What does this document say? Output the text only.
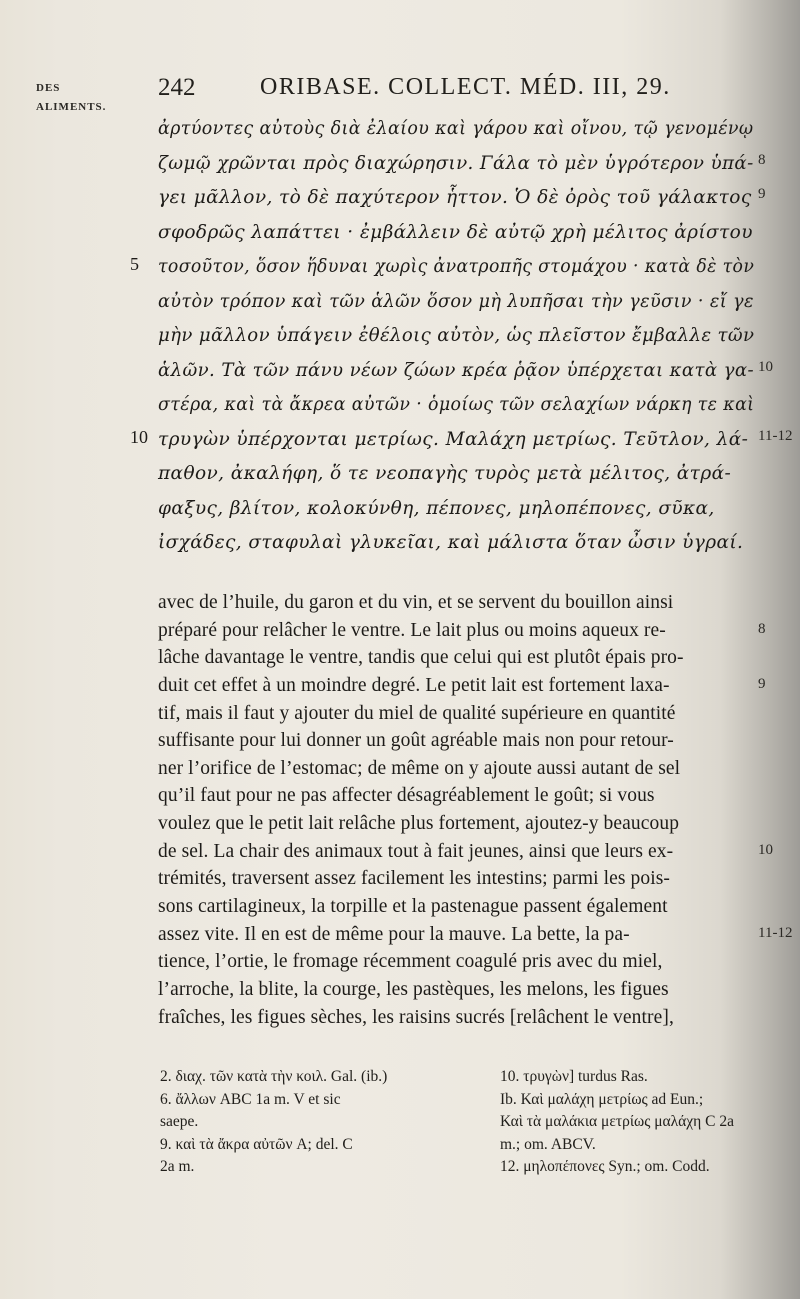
DES
ALIMENTS.
242	ORIBASE. COLLECT. MÉD. III, 29.
ἀρτύοντες αὐτοὺς διὰ ἐλαίου καὶ γάρου καὶ οἴνου, τῷ γενομένῳ
ζωμῷ χρῶνται πρὸς διαχώρησιν. Γάλα τὸ μὲν ὑγρότερον ὑπά- 8
γει μᾶλλον, τὸ δὲ παχύτερον ἧττον. Ὁ δὲ ὀρὸς τοῦ γάλακτος 9
σφοδρῶς λαπάττει · ἐμβάλλειν δὲ αὐτῷ χρὴ μέλιτος ἀρίστου
τοσοῦτον, ὅσον ἥδυναι χωρὶς ἀνατροπῆς στομάχου · κατὰ δὲ τὸν
5
αὐτὸν τρόπον καὶ τῶν ἁλῶν ὅσον μὴ λυπῆσαι τὴν γεῦσιν · εἴ γε
μὴν μᾶλλον ὑπάγειν ἐθέλοις αὐτὸν, ὡς πλεῖστον ἔμβαλλε τῶν
ἁλῶν. Τὰ τῶν πάνυ νέων ζώων κρέα ῥᾷον ὑπέρχεται κατὰ γα- 10
στέρα, καὶ τὰ ἄκρεα αὐτῶν · ὁμοίως τῶν σελαχίων νάρκη τε καὶ
τρυγὼν ὑπέρχονται μετρίως. Μαλάχη μετρίως. Τεῦτλον, λά-
10	11-12
παθον, ἀκαλήφη, ὅ τε νεοπαγὴς τυρὸς μετὰ μέλιτος, ἀτρά-
φαξυς, βλίτον, κολοκύνθη, πέπονες, μηλοπέπονες, σῦκα,
ἰσχάδες, σταφυλαὶ γλυκεῖαι, καὶ μάλιστα ὅταν ὦσιν ὑγραί.
avec de l’huile, du garon et du vin, et se servent du bouillon ainsi
préparé pour relâcher le ventre. Le lait plus ou moins aqueux re-	8
lâche davantage le ventre, tandis que celui qui est plutôt épais pro-
duit cet effet à un moindre degré. Le petit lait est fortement laxa-	9
tif, mais il faut y ajouter du miel de qualité supérieure en quantité
suffisante pour lui donner un goût agréable mais non pour retour-
ner l’orifice de l’estomac; de même on y ajoute aussi autant de sel
qu’il faut pour ne pas affecter désagréablement le goût; si vous
voulez que le petit lait relâche plus fortement, ajoutez-y beaucoup
de sel. La chair des animaux tout à fait jeunes, ainsi que leurs ex-	10
trémités, traversent assez facilement les intestins; parmi les pois-
sons cartilagineux, la torpille et la pastenague passent également
assez vite. Il en est de même pour la mauve. La bette, la pa-	11-12
tience, l’ortie, le fromage récemment coagulé pris avec du miel,
l’arroche, la blite, la courge, les pastèques, les melons, les figues
fraîches, les figues sèches, les raisins sucrés [relâchent le ventre],
2. διαχ. τῶν κατὰ τὴν κοιλ. Gal. (ib.)
6. ἄλλων ABC 1a m. V et sic
saepe.
9. καὶ τὰ ἄκρα αὐτῶν A; del. C
2a m.
10. τρυγὼν] turdus Ras.
Ib. Καὶ μαλάχη μετρίως ad Eun.;
Καὶ τὰ μαλάκια μετρίως μαλάχη C 2a
m.; om. ABCV.
12. μηλοπέπονες Syn.; om. Codd.
